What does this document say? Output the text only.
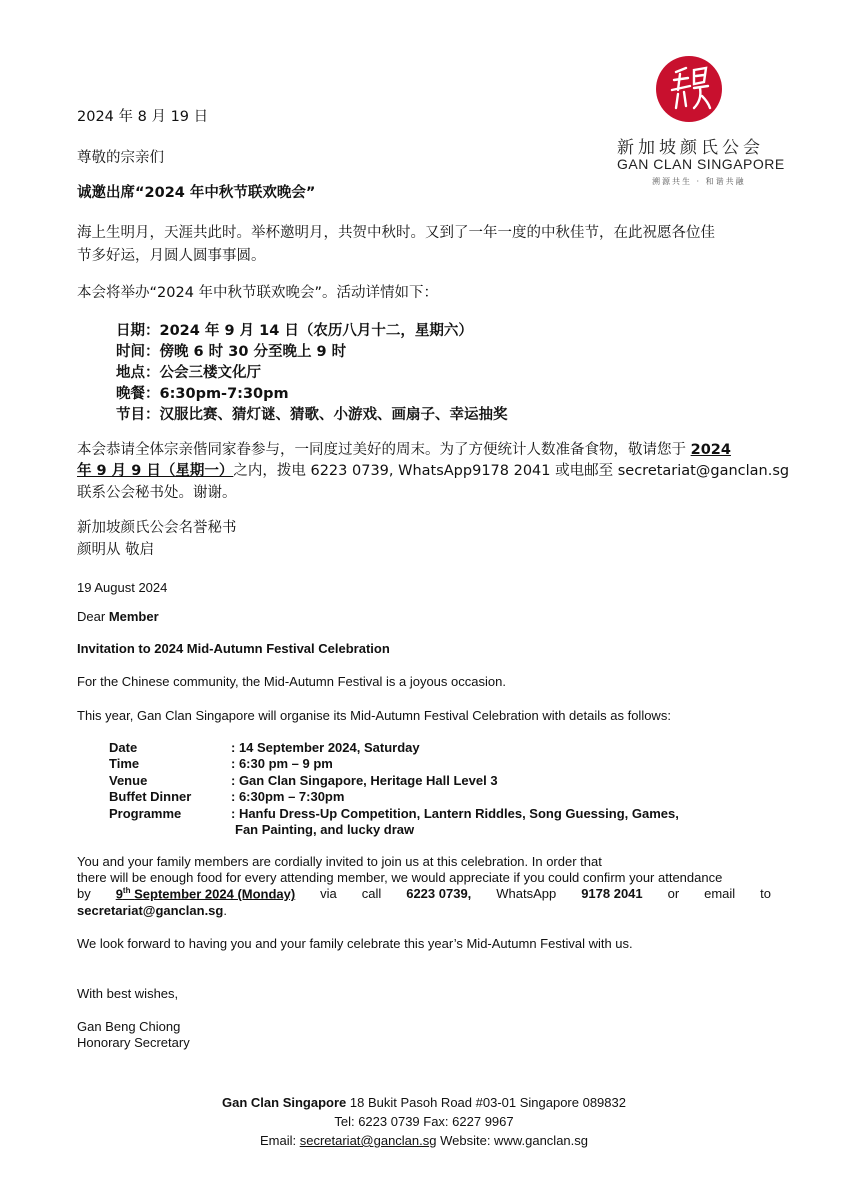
新加坡颜氏公会
GAN CLAN SINGAPORE
溯源共生 · 和谐共融
2024 年 8 月 19 日
尊敬的宗亲们
诚邀出席“2024 年中秋节联欢晚会”
海上生明月，天涯共此时。举杯邀明月，共贺中秋时。又到了一年一度的中秋佳节，在此祝愿各位佳
节多好运，月圆人圆事事圆。
本会将举办“2024 年中秋节联欢晚会”。活动详情如下：
日期：2024 年 9 月 14 日（农历八月十二，星期六）
时间：傍晚 6 时 30 分至晚上 9 时
地点：公会三楼文化厅
晚餐：6:30pm-7:30pm
节目：汉服比赛、猜灯谜、猜歌、小游戏、画扇子、幸运抽奖
本会恭请全体宗亲偕同家眷参与，一同度过美好的周末。为了方便统计人数准备食物，敬请您于 2024
年 9 月 9 日（星期一）之内，拨电 6223 0739, WhatsApp9178 2041 或电邮至 secretariat@ganclan.sg
联系公会秘书处。谢谢。
新加坡颜氏公会名誉秘书
颜明从 敬启
19 August 2024
Dear Member
Invitation to 2024 Mid-Autumn Festival Celebration
For the Chinese community, the Mid-Autumn Festival is a joyous occasion.
This year, Gan Clan Singapore will organise its Mid-Autumn Festival Celebration with details as follows:
Date	: 14 September 2024, Saturday
Time	: 6:30 pm – 9 pm
Venue	: Gan Clan Singapore, Heritage Hall Level 3
Buffet Dinner	: 6:30pm – 7:30pm
Programme	: Hanfu Dress-Up Competition, Lantern Riddles, Song Guessing, Games,
Fan Painting, and lucky draw
You and your family members are cordially invited to join us at this celebration. In order that
there will be enough food for every attending member, we would appreciate if you could confirm your attendance
by 9th September 2024 (Monday) via call 6223 0739, WhatsApp 9178 2041 or email to
secretariat@ganclan.sg.
We look forward to having you and your family celebrate this year’s Mid-Autumn Festival with us.
With best wishes,
Gan Beng Chiong
Honorary Secretary
Gan Clan Singapore 18 Bukit Pasoh Road #03-01 Singapore 089832
Tel: 6223 0739 Fax: 6227 9967
Email: secretariat@ganclan.sg Website: www.ganclan.sg
